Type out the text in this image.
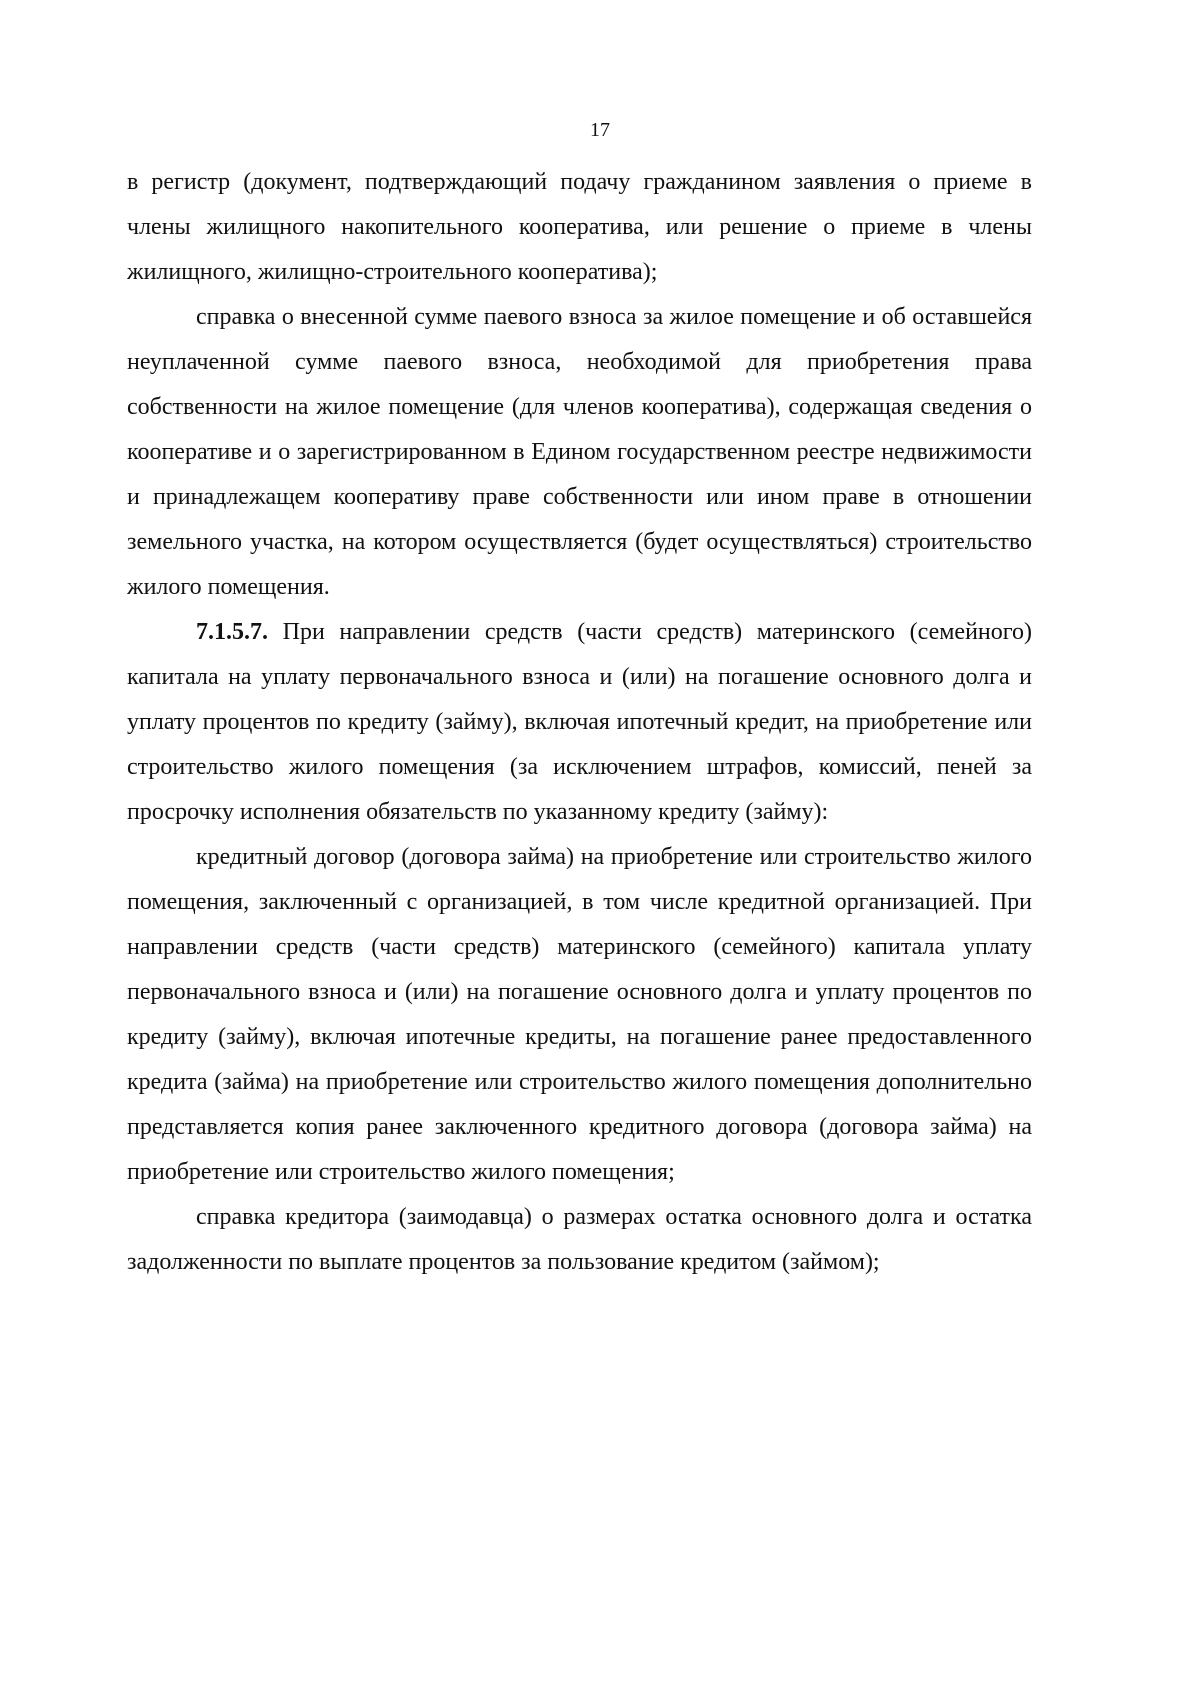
17

в регистр (документ, подтверждающий подачу гражданином заявления о приеме в члены жилищного накопительного кооператива, или решение о приеме в члены жилищного, жилищно-строительного кооператива);

справка о внесенной сумме паевого взноса за жилое помещение и об оставшейся неуплаченной сумме паевого взноса, необходимой для приобретения права собственности на жилое помещение (для членов кооператива), содержащая сведения о кооперативе и о зарегистрированном в Едином государственном реестре недвижимости и принадлежащем кооперативу праве собственности или ином праве в отношении земельного участка, на котором осуществляется (будет осуществляться) строительство жилого помещения.

7.1.5.7. При направлении средств (части средств) материнского (семейного) капитала на уплату первоначального взноса и (или) на погашение основного долга и уплату процентов по кредиту (займу), включая ипотечный кредит, на приобретение или строительство жилого помещения (за исключением штрафов, комиссий, пеней за просрочку исполнения обязательств по указанному кредиту (займу):

кредитный договор (договора займа) на приобретение или строительство жилого помещения, заключенный с организацией, в том числе кредитной организацией. При направлении средств (части средств) материнского (семейного) капитала уплату первоначального взноса и (или) на погашение основного долга и уплату процентов по кредиту (займу), включая ипотечные кредиты, на погашение ранее предоставленного кредита (займа) на приобретение или строительство жилого помещения дополнительно представляется копия ранее заключенного кредитного договора (договора займа) на приобретение или строительство жилого помещения;

справка кредитора (заимодавца) о размерах остатка основного долга и остатка задолженности по выплате процентов за пользование кредитом (займом);
